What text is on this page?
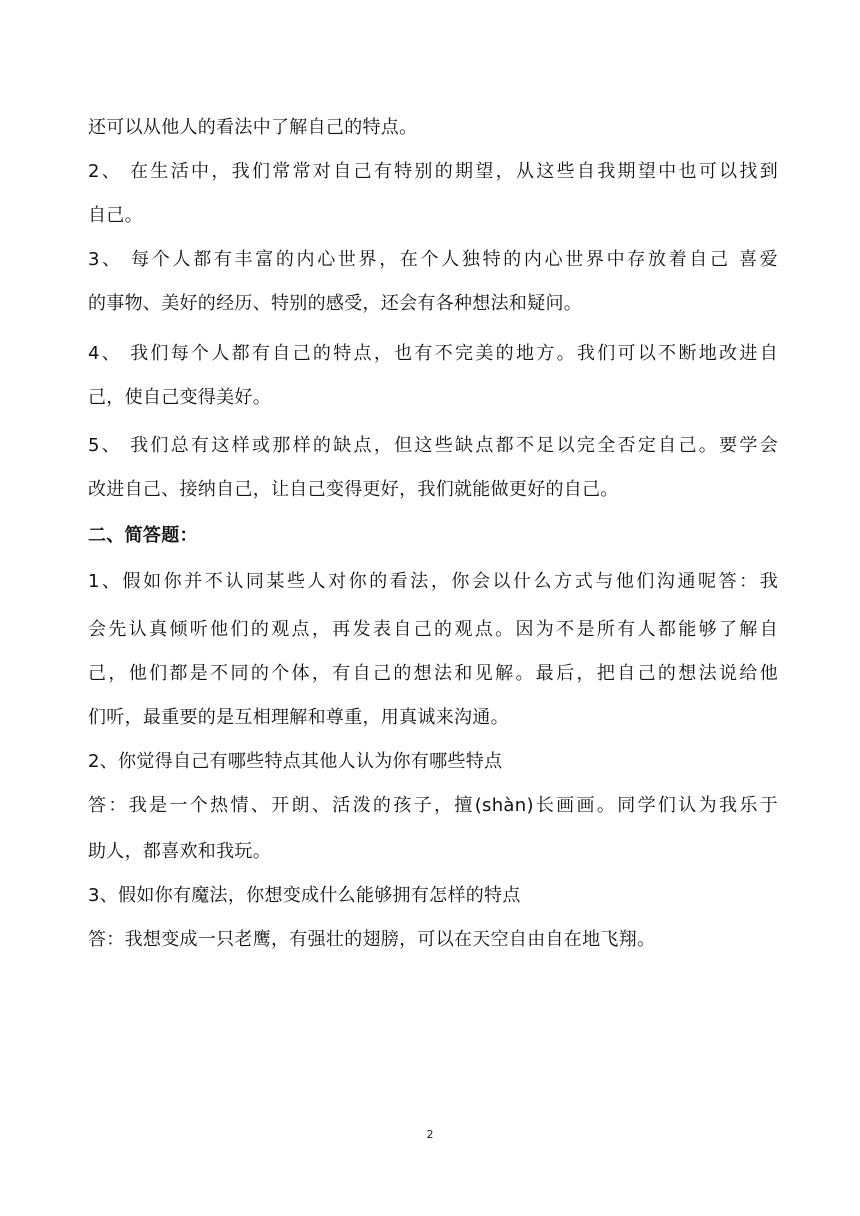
还可以从他人的看法中了解自己的特点。
2、 在生活中，我们常常对自己有特别的期望，从这些自我期望中也可以找到
自己。
3、 每个人都有丰富的内心世界，在个人独特的内心世界中存放着自己 喜爱
的事物、美好的经历、特别的感受，还会有各种想法和疑问。
4、 我们每个人都有自己的特点，也有不完美的地方。我们可以不断地改进自
己，使自己变得美好。
5、 我们总有这样或那样的缺点，但这些缺点都不足以完全否定自己。要学会
改进自己、接纳自己，让自己变得更好，我们就能做更好的自己。
二、简答题：
1、假如你并不认同某些人对你的看法，你会以什么方式与他们沟通呢答：我
会先认真倾听他们的观点，再发表自己的观点。因为不是所有人都能够了解自
己，他们都是不同的个体，有自己的想法和见解。最后，把自己的想法说给他
们听，最重要的是互相理解和尊重，用真诚来沟通。
2、你觉得自己有哪些特点其他人认为你有哪些特点
答：我是一个热情、开朗、活泼的孩子，擅(shàn)长画画。同学们认为我乐于
助人，都喜欢和我玩。
3、假如你有魔法，你想变成什么能够拥有怎样的特点
答：我想变成一只老鹰，有强壮的翅膀，可以在天空自由自在地飞翔。
2
